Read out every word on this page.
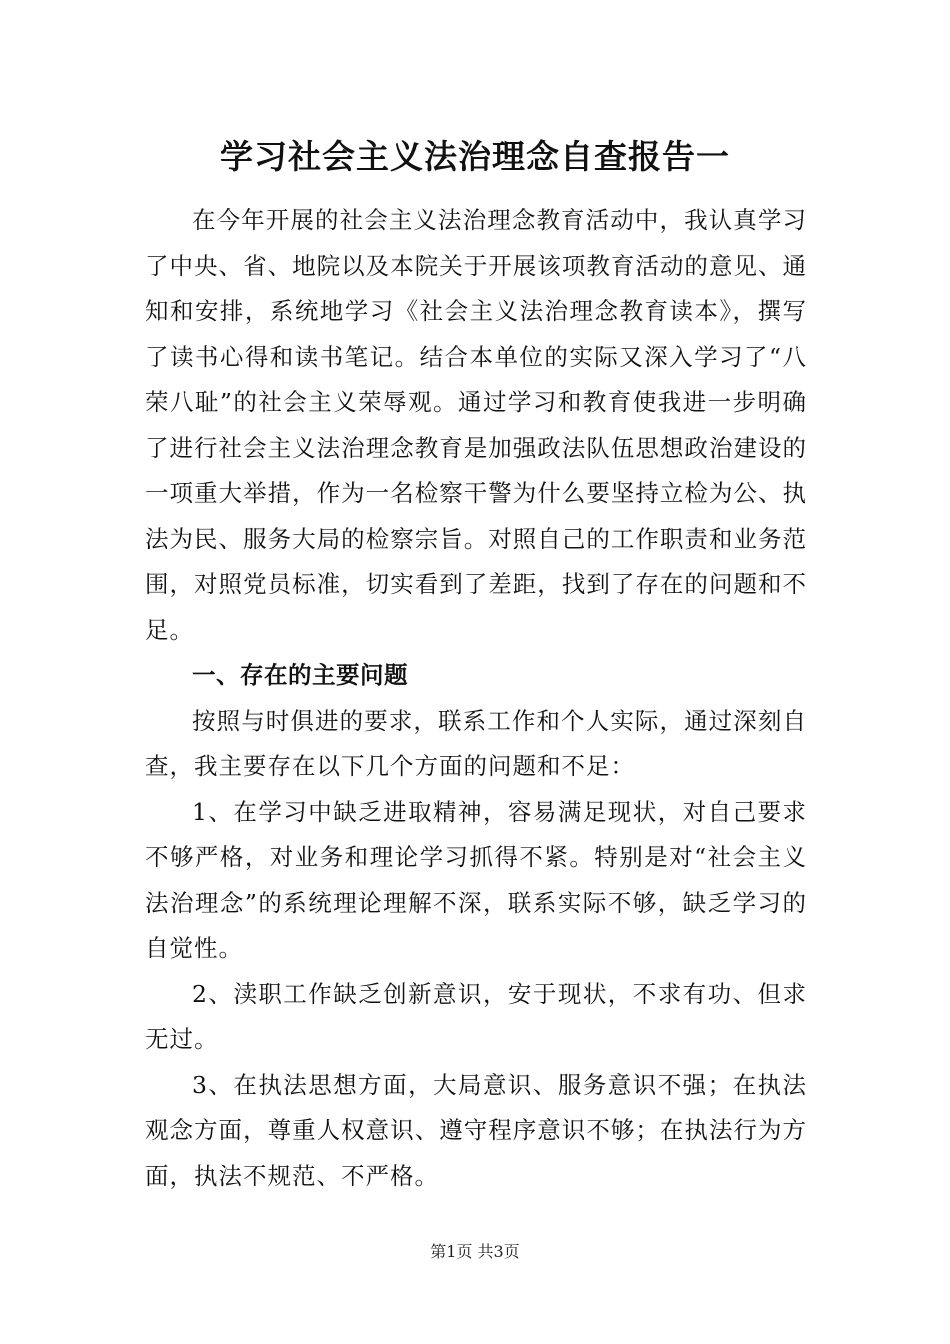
学习社会主义法治理念自查报告一

在今年开展的社会主义法治理念教育活动中，我认真学习了中央、省、地院以及本院关于开展该项教育活动的意见、通知和安排，系统地学习《社会主义法治理念教育读本》，撰写了读书心得和读书笔记。结合本单位的实际又深入学习了“八荣八耻”的社会主义荣辱观。通过学习和教育使我进一步明确了进行社会主义法治理念教育是加强政法队伍思想政治建设的一项重大举措，作为一名检察干警为什么要坚持立检为公、执法为民、服务大局的检察宗旨。对照自己的工作职责和业务范围，对照党员标准，切实看到了差距，找到了存在的问题和不足。

一、存在的主要问题

按照与时俱进的要求，联系工作和个人实际，通过深刻自查，我主要存在以下几个方面的问题和不足：

1、在学习中缺乏进取精神，容易满足现状，对自己要求不够严格，对业务和理论学习抓得不紧。特别是对“社会主义法治理念”的系统理论理解不深，联系实际不够，缺乏学习的自觉性。

2、渎职工作缺乏创新意识，安于现状，不求有功、但求无过。

3、在执法思想方面，大局意识、服务意识不强；在执法观念方面，尊重人权意识、遵守程序意识不够；在执法行为方面，执法不规范、不严格。

第1页 共3页
